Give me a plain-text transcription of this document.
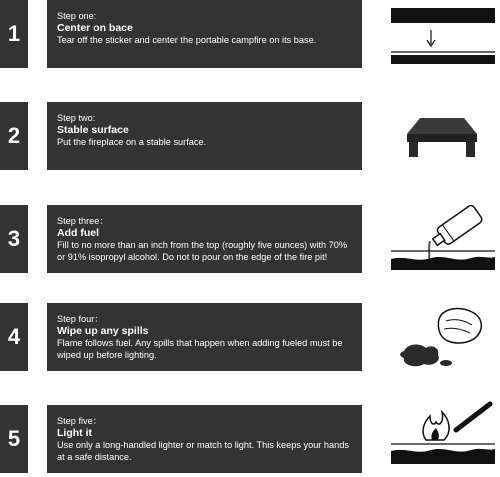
1
Step one:
Center on bace
Tear off the sticker and center the portable campfire on its base.
2
Step two:
Stable surface
Put the fireplace on a stable surface.
3
Step three：
Add fuel
Fill to no more than an inch from the top (roughly five ounces) with 70% or 91% isopropyl alcohol. Do not to pour on the edge of the fire pit!
4
Step four：
Wipe up any spills
Flame follows fuel. Any spills that happen when adding fueled must be wiped up before lighting.
5
Step five：
Light it
Use only a long-handled lighter or match to light. This keeps your hands at a safe distance.
